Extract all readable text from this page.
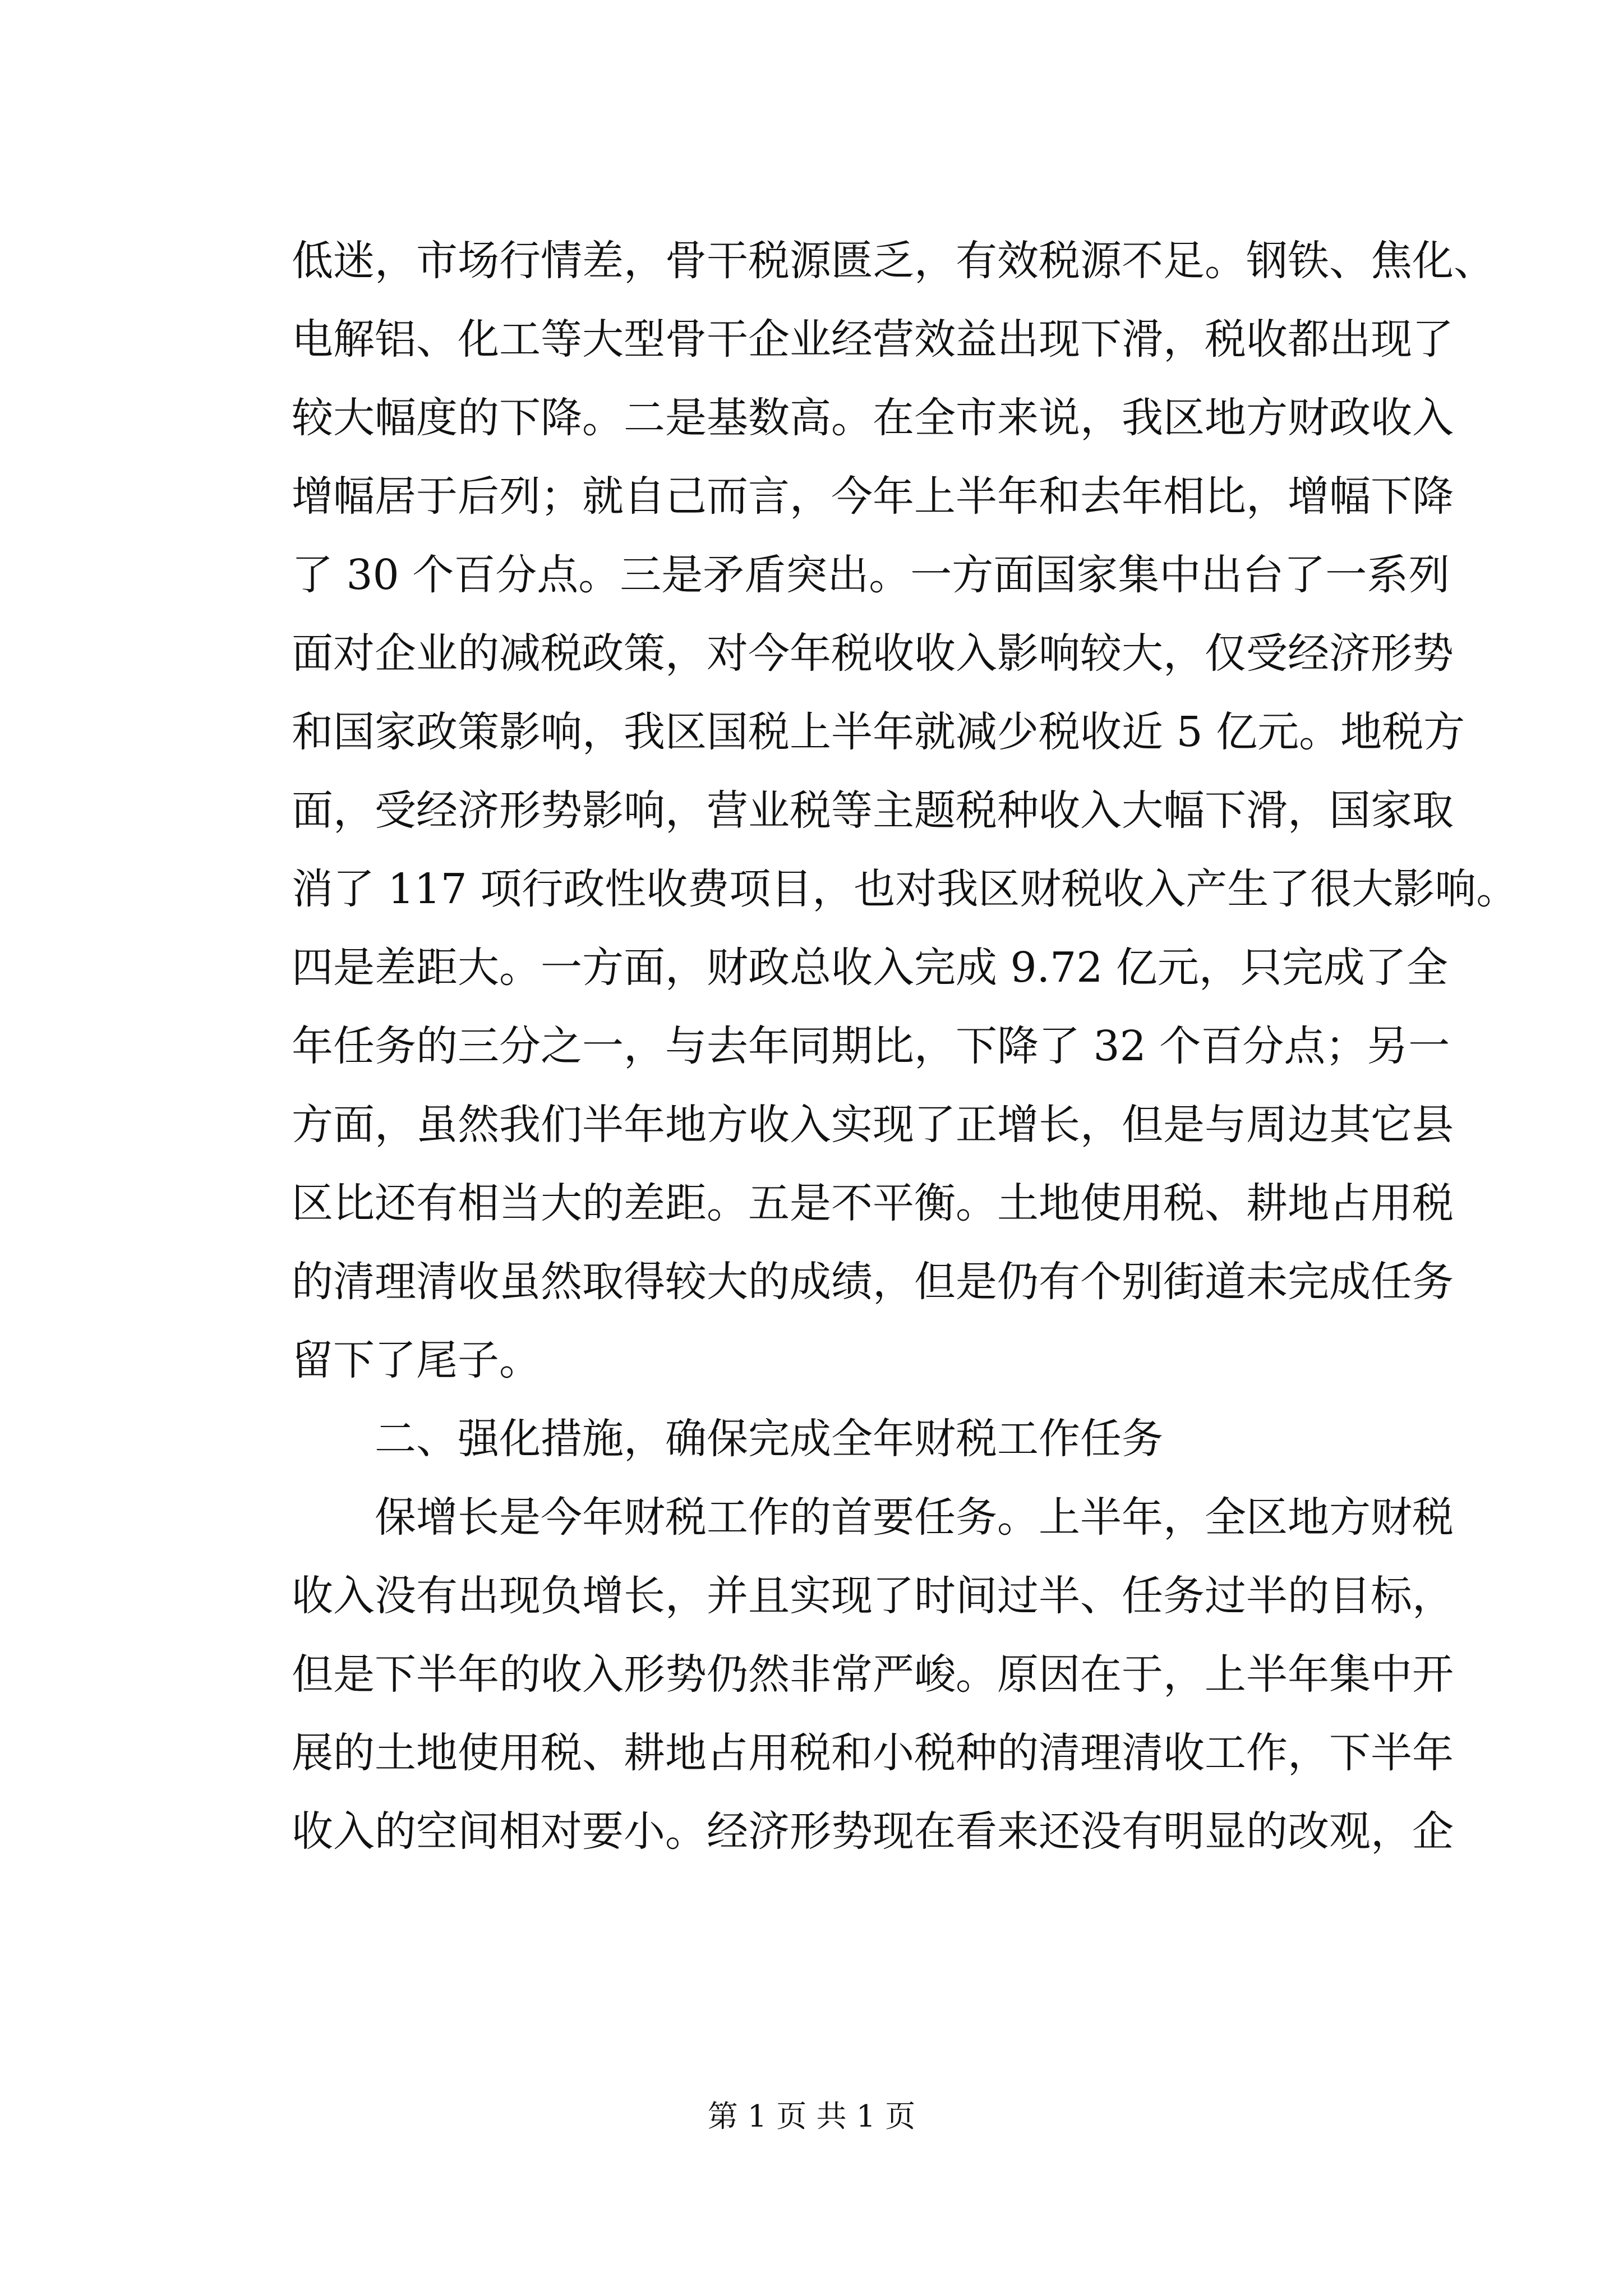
低迷，市场行情差，骨干税源匮乏，有效税源不足。钢铁、焦化、
电解铝、化工等大型骨干企业经营效益出现下滑，税收都出现了
较大幅度的下降。二是基数高。在全市来说，我区地方财政收入
增幅居于后列；就自己而言，今年上半年和去年相比，增幅下降
了 30 个百分点。三是矛盾突出。一方面国家集中出台了一系列
面对企业的减税政策，对今年税收收入影响较大，仅受经济形势
和国家政策影响，我区国税上半年就减少税收近 5 亿元。地税方
面，受经济形势影响，营业税等主题税种收入大幅下滑，国家取
消了 117 项行政性收费项目，也对我区财税收入产生了很大影响。
四是差距大。一方面，财政总收入完成 9.72 亿元，只完成了全
年任务的三分之一，与去年同期比，下降了 32 个百分点；另一
方面，虽然我们半年地方收入实现了正增长，但是与周边其它县
区比还有相当大的差距。五是不平衡。土地使用税、耕地占用税
的清理清收虽然取得较大的成绩，但是仍有个别街道未完成任务
留下了尾子。
二、强化措施，确保完成全年财税工作任务
保增长是今年财税工作的首要任务。上半年，全区地方财税
收入没有出现负增长，并且实现了时间过半、任务过半的目标，
但是下半年的收入形势仍然非常严峻。原因在于，上半年集中开
展的土地使用税、耕地占用税和小税种的清理清收工作，下半年
收入的空间相对要小。经济形势现在看来还没有明显的改观，企
第 1 页 共 1 页
